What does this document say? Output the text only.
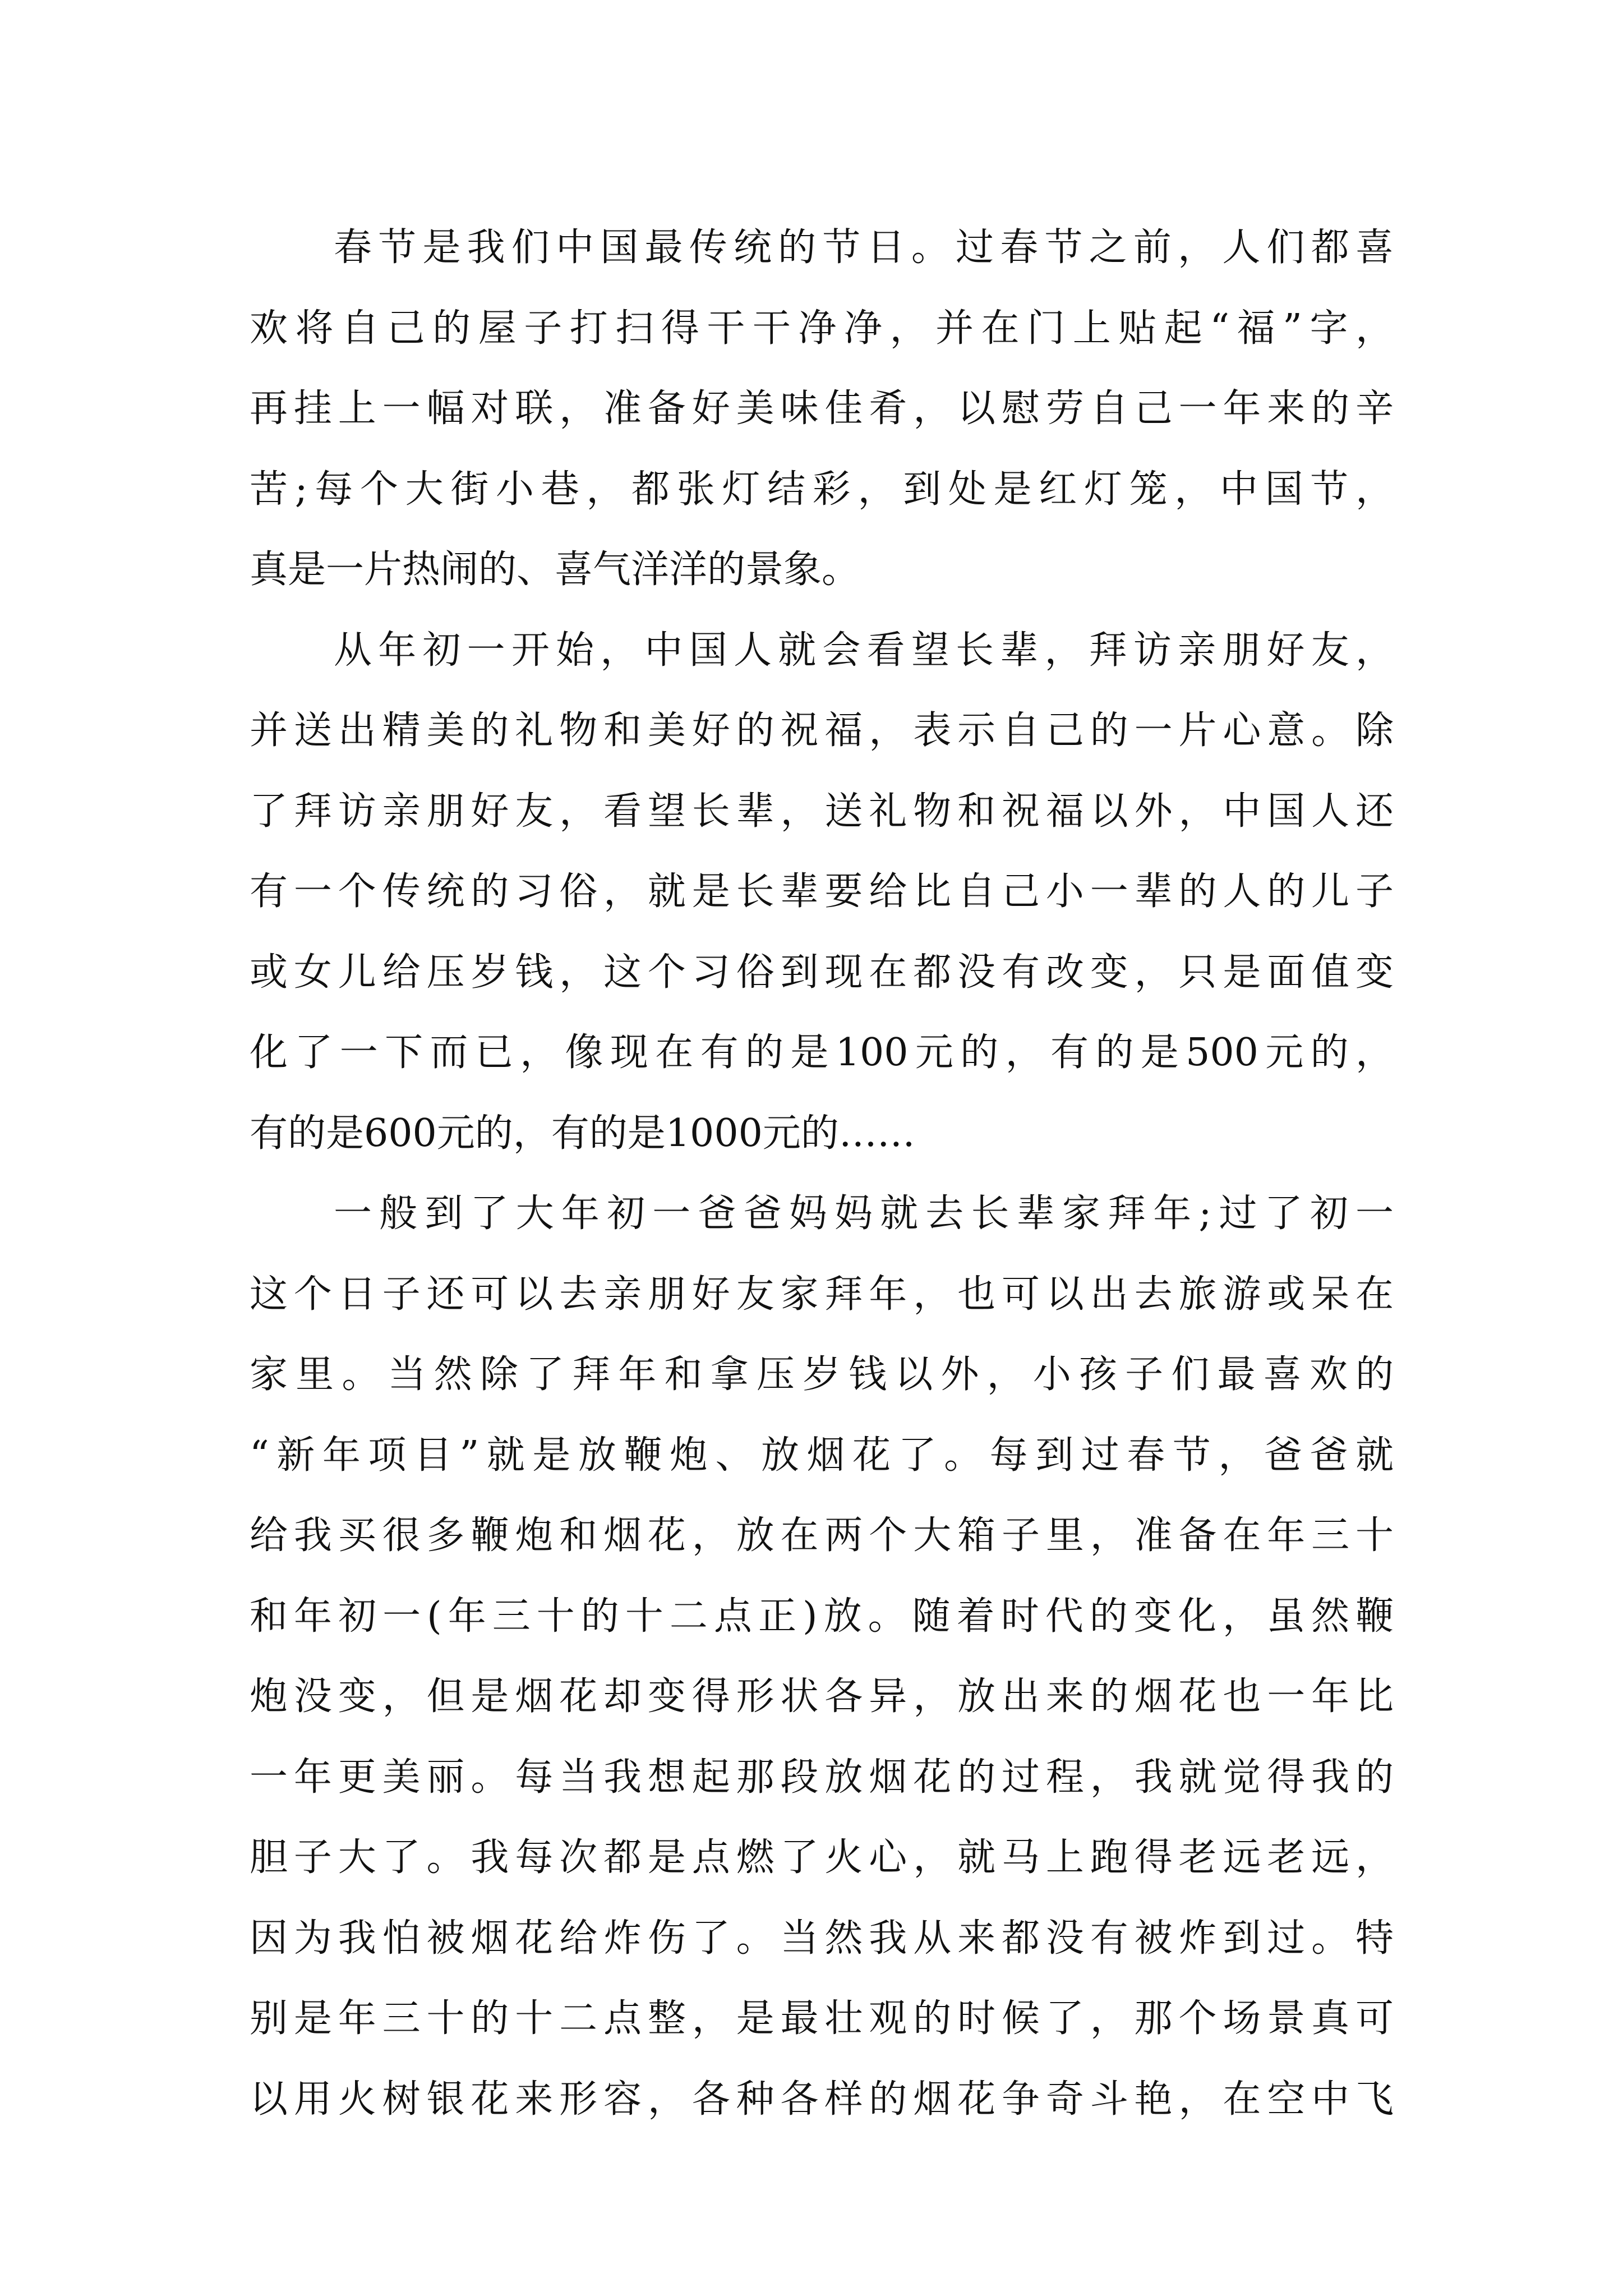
春节是我们中国最传统的节日。过春节之前，人们都喜
欢将自己的屋子打扫得干干净净，并在门上贴起“福”字，
再挂上一幅对联，准备好美味佳肴，以慰劳自己一年来的辛
苦;每个大街小巷，都张灯结彩，到处是红灯笼，中国节，
真是一片热闹的、喜气洋洋的景象。
从年初一开始，中国人就会看望长辈，拜访亲朋好友，
并送出精美的礼物和美好的祝福，表示自己的一片心意。除
了拜访亲朋好友，看望长辈，送礼物和祝福以外，中国人还
有一个传统的习俗，就是长辈要给比自己小一辈的人的儿子
或女儿给压岁钱，这个习俗到现在都没有改变，只是面值变
化了一下而已，像现在有的是100元的，有的是500元的，
有的是600元的，有的是1000元的……
一般到了大年初一爸爸妈妈就去长辈家拜年;过了初一
这个日子还可以去亲朋好友家拜年，也可以出去旅游或呆在
家里。当然除了拜年和拿压岁钱以外，小孩子们最喜欢的
“新年项目”就是放鞭炮、放烟花了。每到过春节，爸爸就
给我买很多鞭炮和烟花，放在两个大箱子里，准备在年三十
和年初一(年三十的十二点正)放。随着时代的变化，虽然鞭
炮没变，但是烟花却变得形状各异，放出来的烟花也一年比
一年更美丽。每当我想起那段放烟花的过程，我就觉得我的
胆子大了。我每次都是点燃了火心，就马上跑得老远老远，
因为我怕被烟花给炸伤了。当然我从来都没有被炸到过。特
别是年三十的十二点整，是最壮观的时候了，那个场景真可
以用火树银花来形容，各种各样的烟花争奇斗艳，在空中飞
